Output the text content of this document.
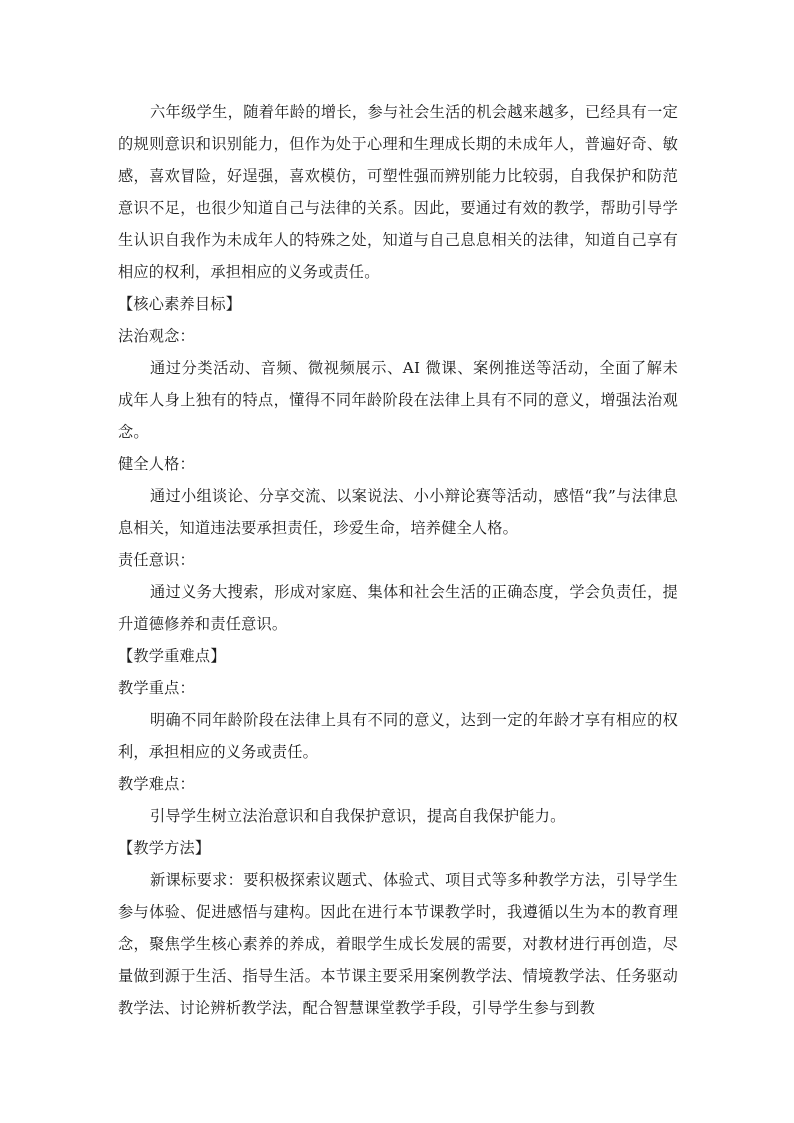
六年级学生，随着年龄的增长，参与社会生活的机会越来越多，已经具有一定的规则意识和识别能力，但作为处于心理和生理成长期的未成年人，普遍好奇、敏感，喜欢冒险，好逞强，喜欢模仿，可塑性强而辨别能力比较弱，自我保护和防范意识不足，也很少知道自己与法律的关系。因此，要通过有效的教学，帮助引导学生认识自我作为未成年人的特殊之处，知道与自己息息相关的法律，知道自己享有相应的权利，承担相应的义务或责任。

【核心素养目标】

法治观念：

通过分类活动、音频、微视频展示、AI 微课、案例推送等活动，全面了解未成年人身上独有的特点，懂得不同年龄阶段在法律上具有不同的意义，增强法治观念。

健全人格：

通过小组谈论、分享交流、以案说法、小小辩论赛等活动，感悟“我”与法律息息相关，知道违法要承担责任，珍爱生命，培养健全人格。

责任意识：

通过义务大搜索，形成对家庭、集体和社会生活的正确态度，学会负责任，提升道德修养和责任意识。

【教学重难点】

教学重点：

明确不同年龄阶段在法律上具有不同的意义，达到一定的年龄才享有相应的权利，承担相应的义务或责任。

教学难点：

引导学生树立法治意识和自我保护意识，提高自我保护能力。

【教学方法】

新课标要求：要积极探索议题式、体验式、项目式等多种教学方法，引导学生参与体验、促进感悟与建构。因此在进行本节课教学时，我遵循以生为本的教育理念，聚焦学生核心素养的养成，着眼学生成长发展的需要，对教材进行再创造，尽量做到源于生活、指导生活。本节课主要采用案例教学法、情境教学法、任务驱动教学法、讨论辨析教学法，配合智慧课堂教学手段，引导学生参与到教
